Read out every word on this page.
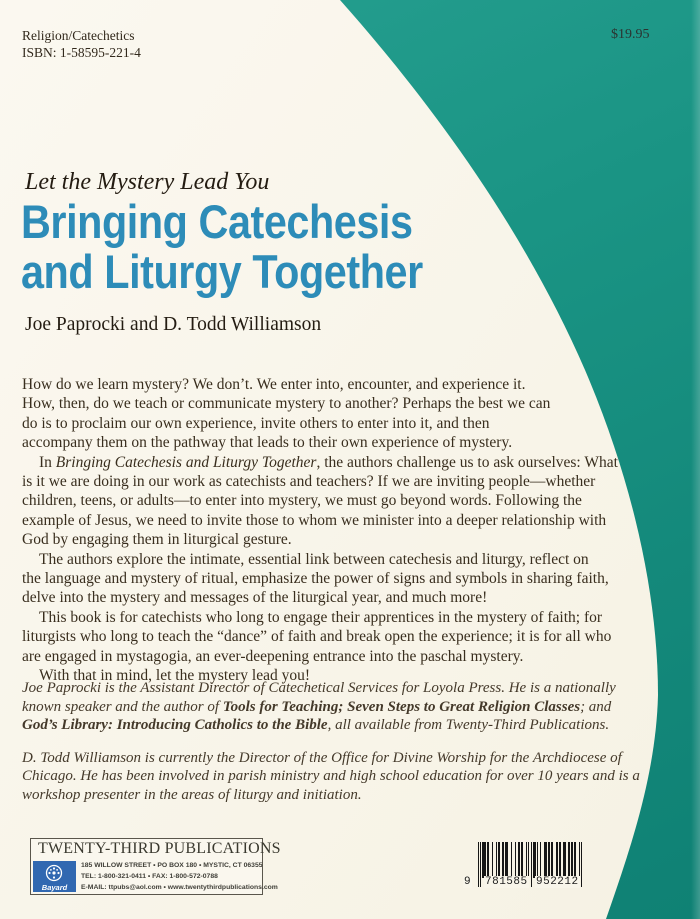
Religion/Catechetics
ISBN: 1-58595-221-4
$19.95
Let the Mystery Lead You
Bringing Catechesis
and Liturgy Together
Joe Paprocki and D. Todd Williamson

How do we learn mystery? We don’t. We enter into, encounter, and experience it. How, then, do we teach or communicate mystery to another? Perhaps the best we can do is to proclaim our own experience, invite others to enter into it, and then accompany them on the pathway that leads to their own experience of mystery.

In Bringing Catechesis and Liturgy Together, the authors challenge us to ask ourselves: What is it we are doing in our work as catechists and teachers? If we are inviting people—whether children, teens, or adults—to enter into mystery, we must go beyond words. Following the example of Jesus, we need to invite those to whom we minister into a deeper relationship with God by engaging them in liturgical gesture.

The authors explore the intimate, essential link between catechesis and liturgy, reflect on the language and mystery of ritual, emphasize the power of signs and symbols in sharing faith, delve into the mystery and messages of the liturgical year, and much more!

This book is for catechists who long to engage their apprentices in the mystery of faith; for liturgists who long to teach the “dance” of faith and break open the experience; it is for all who are engaged in mystagogia, an ever-deepening entrance into the paschal mystery.

With that in mind, let the mystery lead you!

Joe Paprocki is the Assistant Director of Catechetical Services for Loyola Press. He is a nationally known speaker and the author of Tools for Teaching; Seven Steps to Great Religion Classes; and God’s Library: Introducing Catholics to the Bible, all available from Twenty-Third Publications.

D. Todd Williamson is currently the Director of the Office for Divine Worship for the Archdiocese of Chicago. He has been involved in parish ministry and high school education for over 10 years and is a workshop presenter in the areas of liturgy and initiation.

TWENTY-THIRD PUBLICATIONS
Bayard
185 WILLOW STREET • PO BOX 180 • MYSTIC, CT 06355
TEL: 1-800-321-0411 • FAX: 1-800-572-0788
E-MAIL: ttpubs@aol.com • www.twentythirdpublications.com	9 781585 952212
